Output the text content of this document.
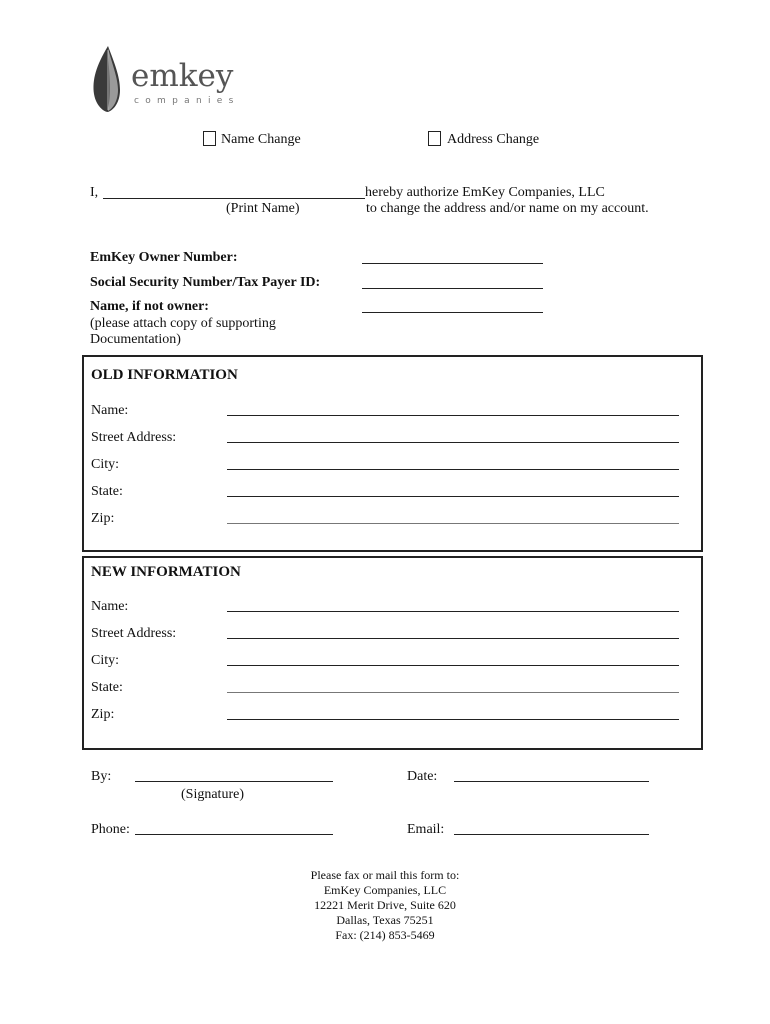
emkey
companies
Name Change	Address Change
I,	hereby authorize EmKey Companies, LLC
(Print Name)	to change the address and/or name on my account.
EmKey Owner Number:
Social Security Number/Tax Payer ID:
Name, if not owner:
(please attach copy of supporting
Documentation)
OLD INFORMATION
Name:
Street Address:
City:
State:
Zip:
NEW INFORMATION
Name:
Street Address:
City:
State:
Zip:
By:
(Signature)
Date:
Phone:	Email:
Please fax or mail this form to:
EmKey Companies, LLC
12221 Merit Drive, Suite 620
Dallas, Texas 75251
Fax: (214) 853-5469
